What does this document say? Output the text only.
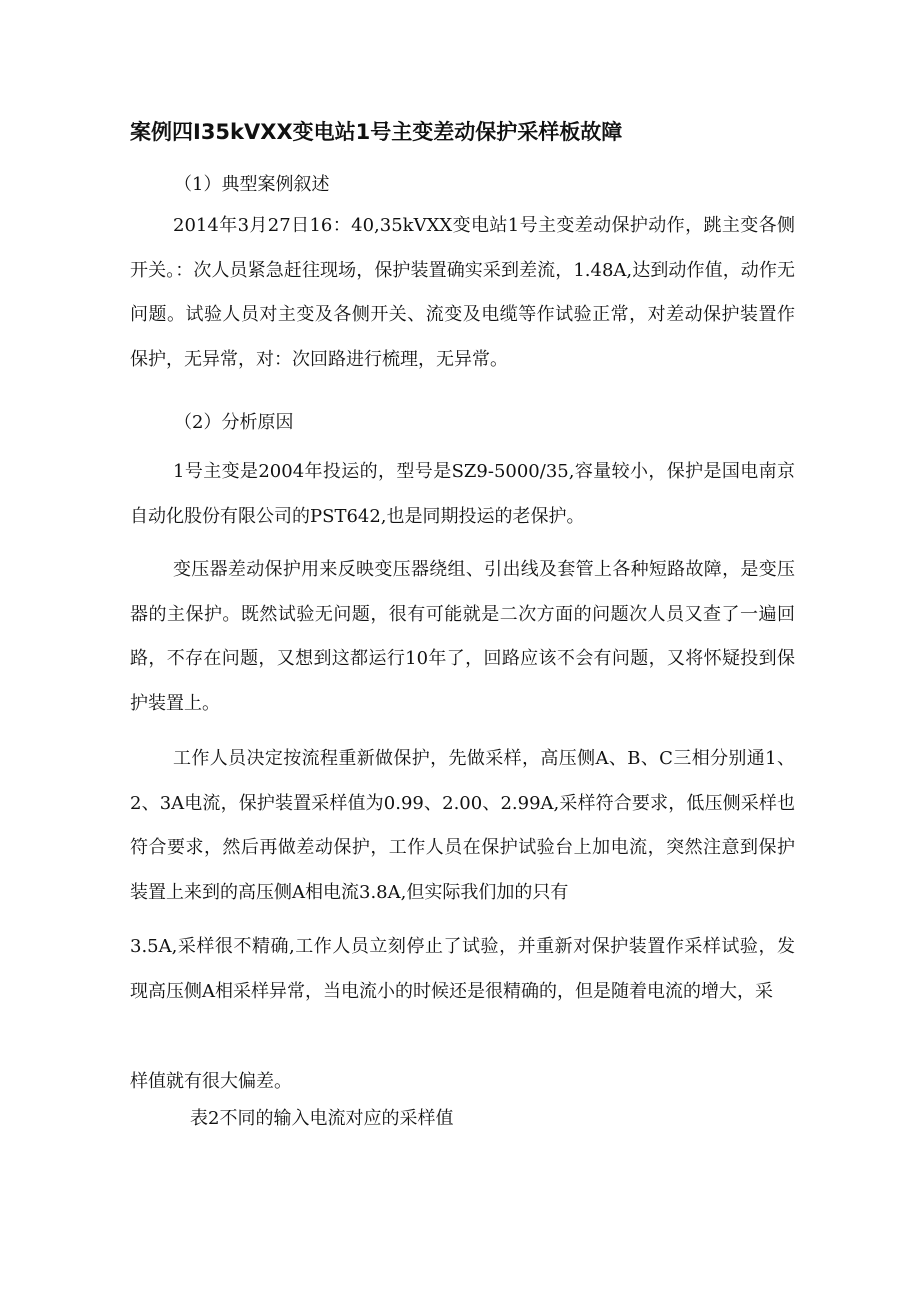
案例四I35kVXX变电站1号主变差动保护采样板故障
（1）典型案例叙述

2014年3月27日16：40,35kVXX变电站1号主变差动保护动作，跳主变各侧开关。：次人员紧急赶往现场，保护装置确实采到差流，1.48A,达到动作值，动作无问题。试验人员对主变及各侧开关、流变及电缆等作试验正常，对差动保护装置作保护，无异常，对：次回路进行梳理，无异常。

（2）分析原因

1号主变是2004年投运的，型号是SZ9-5000/35,容量较小，保护是国电南京自动化股份有限公司的PST642,也是同期投运的老保护。

变压器差动保护用来反映变压器绕组、引出线及套管上各种短路故障，是变压器的主保护。既然试验无问题，很有可能就是二次方面的问题次人员又查了一遍回路，不存在问题，又想到这都运行10年了，回路应该不会有问题，又将怀疑投到保护装置上。

工作人员决定按流程重新做保护，先做采样，高压侧A、B、C三相分别通1、2、3A电流，保护装置采样值为0.99、2.00、2.99A,采样符合要求，低压侧采样也符合要求，然后再做差动保护，工作人员在保护试验台上加电流，突然注意到保护装置上来到的高压侧A相电流3.8A,但实际我们加的只有

3.5A,采样很不精确,工作人员立刻停止了试验，并重新对保护装置作采样试验，发现高压侧A相采样异常，当电流小的时候还是很精确的，但是随着电流的增大，采

样值就有很大偏差。
表2不同的输入电流对应的采样值
